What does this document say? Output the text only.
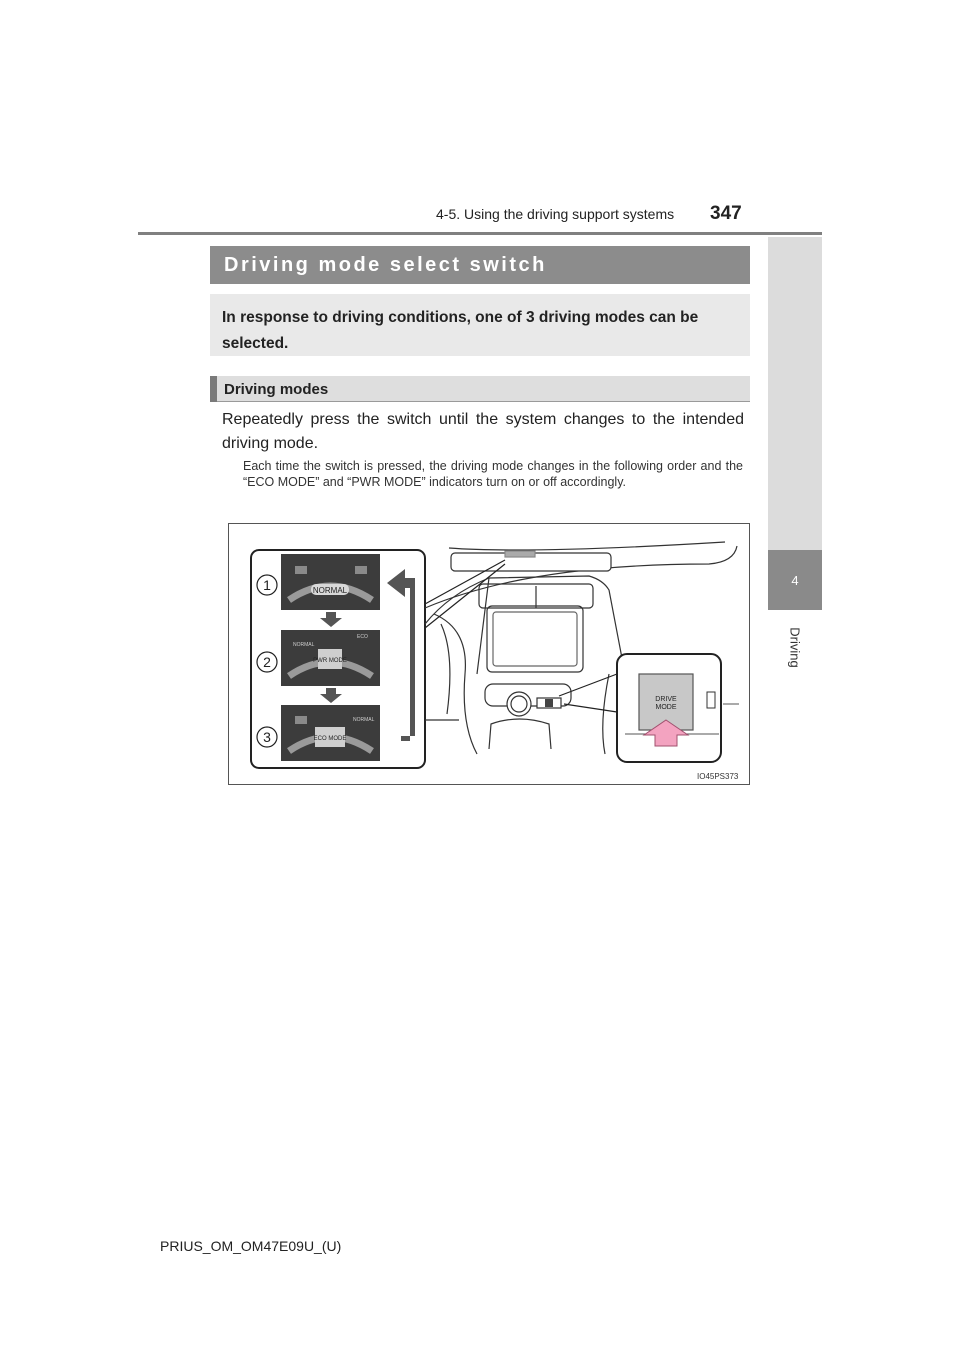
4-5. Using the driving support systems 347
4
Driving
Driving mode select switch
In response to driving conditions, one of 3 driving modes can be selected.
Driving modes
Repeatedly press the switch until the system changes to the intended driving mode.
Each time the switch is pressed, the driving mode changes in the following order and the “ECO MODE” and “PWR MODE” indicators turn on or off accordingly.
1
2
3
NORMAL
NORMAL
ECO
PWR MODE
NORMAL
ECO MODE
DRIVE
MODE
IO45PS373
PRIUS_OM_OM47E09U_(U)
